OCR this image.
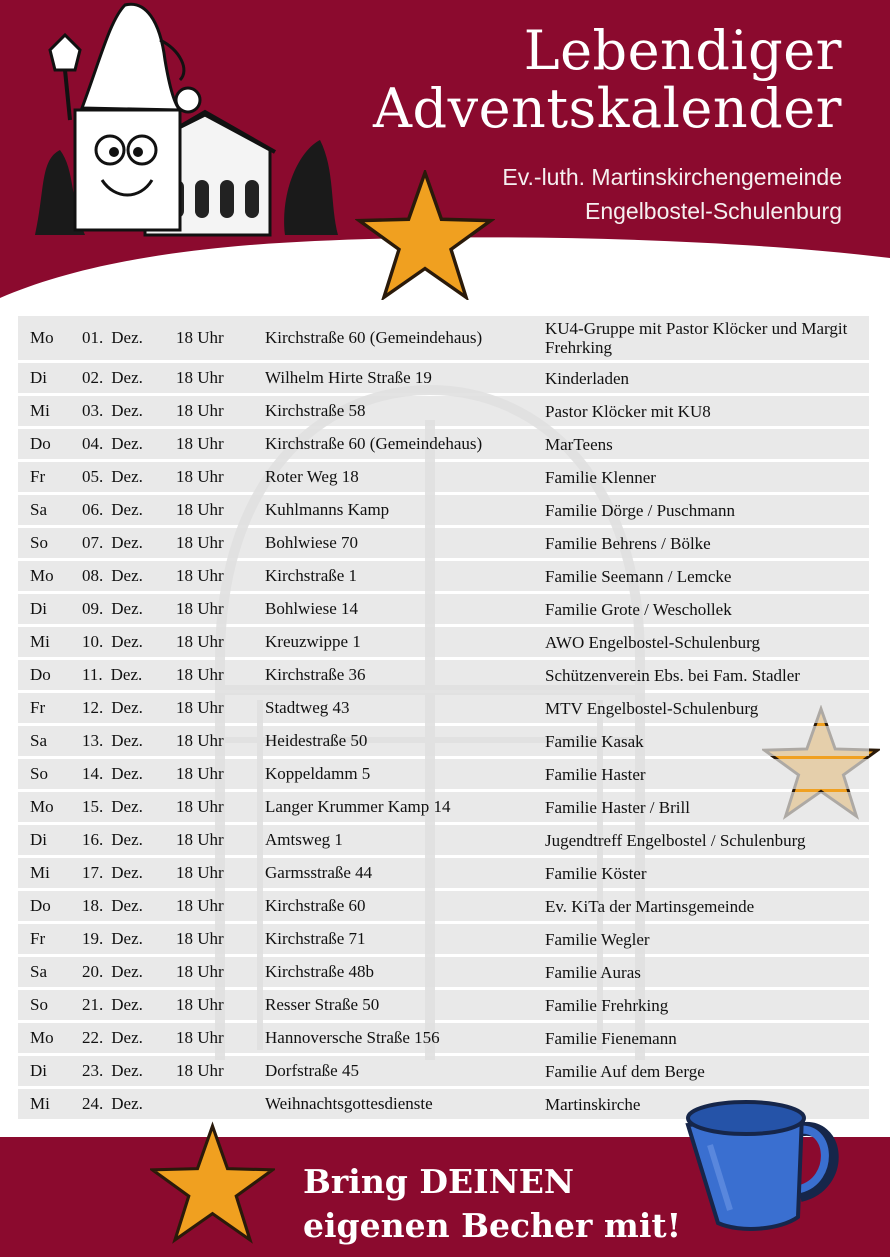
Lebendiger
Adventskalender
Ev.-luth. Martinskirchengemeinde
Engelbostel-Schulenburg
Mo	01. Dez.	18 Uhr	Kirchstraße 60 (Gemeindehaus)	KU4-Gruppe mit Pastor Klöcker und Margit Frehrking
Di	02. Dez.	18 Uhr	Wilhelm Hirte Straße 19	Kinderladen
Mi	03. Dez.	18 Uhr	Kirchstraße 58	Pastor Klöcker mit KU8
Do	04. Dez.	18 Uhr	Kirchstraße 60 (Gemeindehaus)	MarTeens
Fr	05. Dez.	18 Uhr	Roter Weg 18	Familie Klenner
Sa	06. Dez.	18 Uhr	Kuhlmanns Kamp	Familie Dörge / Puschmann
So	07. Dez.	18 Uhr	Bohlwiese 70	Familie Behrens / Bölke
Mo	08. Dez.	18 Uhr	Kirchstraße 1	Familie Seemann / Lemcke
Di	09. Dez.	18 Uhr	Bohlwiese 14	Familie Grote / Weschollek
Mi	10. Dez.	18 Uhr	Kreuzwippe 1	AWO Engelbostel-Schulenburg
Do	11. Dez.	18 Uhr	Kirchstraße 36	Schützenverein Ebs. bei Fam. Stadler
Fr	12. Dez.	18 Uhr	Stadtweg 43	MTV Engelbostel-Schulenburg
Sa	13. Dez.	18 Uhr	Heidestraße 50	Familie Kasak
So	14. Dez.	18 Uhr	Koppeldamm 5	Familie Haster
Mo	15. Dez.	18 Uhr	Langer Krummer Kamp 14	Familie Haster / Brill
Di	16. Dez.	18 Uhr	Amtsweg 1	Jugendtreff Engelbostel / Schulenburg
Mi	17. Dez.	18 Uhr	Garmsstraße 44	Familie Köster
Do	18. Dez.	18 Uhr	Kirchstraße 60	Ev. KiTa der Martinsgemeinde
Fr	19. Dez.	18 Uhr	Kirchstraße 71	Familie Wegler
Sa	20. Dez.	18 Uhr	Kirchstraße 48b	Familie Auras
So	21. Dez.	18 Uhr	Resser Straße 50	Familie Frehrking
Mo	22. Dez.	18 Uhr	Hannoversche Straße 156	Familie Fienemann
Di	23. Dez.	18 Uhr	Dorfstraße 45	Familie Auf dem Berge
Mi	24. Dez.		Weihnachtsgottesdienste	Martinskirche
Bring DEINEN
eigenen Becher mit!
